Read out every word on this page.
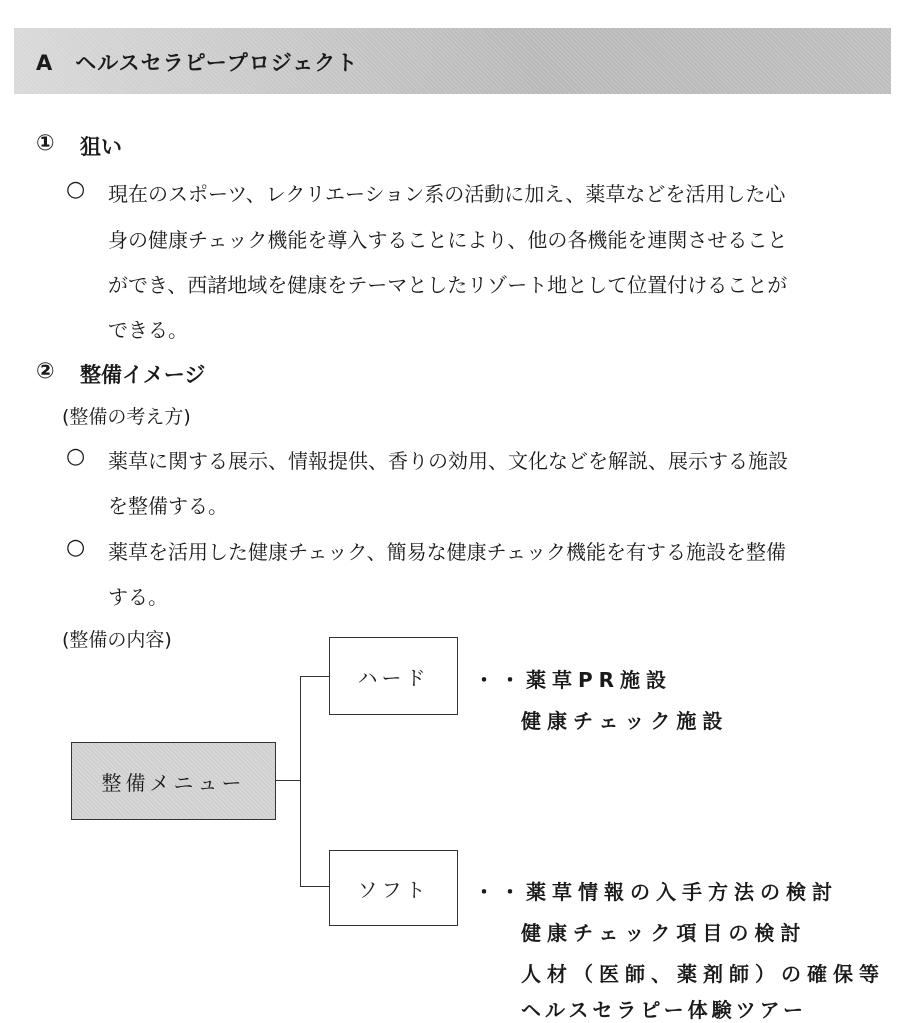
A　ヘルスセラピープロジェクト
① 狙い
○ 現在のスポーツ、レクリエーション系の活動に加え、薬草などを活用した心
身の健康チェック機能を導入することにより、他の各機能を連関させること
ができ、西諸地域を健康をテーマとしたリゾート地として位置付けることが
できる。
② 整備イメージ
(整備の考え方)
○ 薬草に関する展示、情報提供、香りの効用、文化などを解説、展示する施設
を整備する。
○ 薬草を活用した健康チェック、簡易な健康チェック機能を有する施設を整備
する。
(整備の内容)
整備メニュー
ハード
ソフト
・・薬草PR施設
健康チェック施設
・・薬草情報の入手方法の検討
健康チェック項目の検討
人材（医師、薬剤師）の確保等
ヘルスセラピー体験ツアー
